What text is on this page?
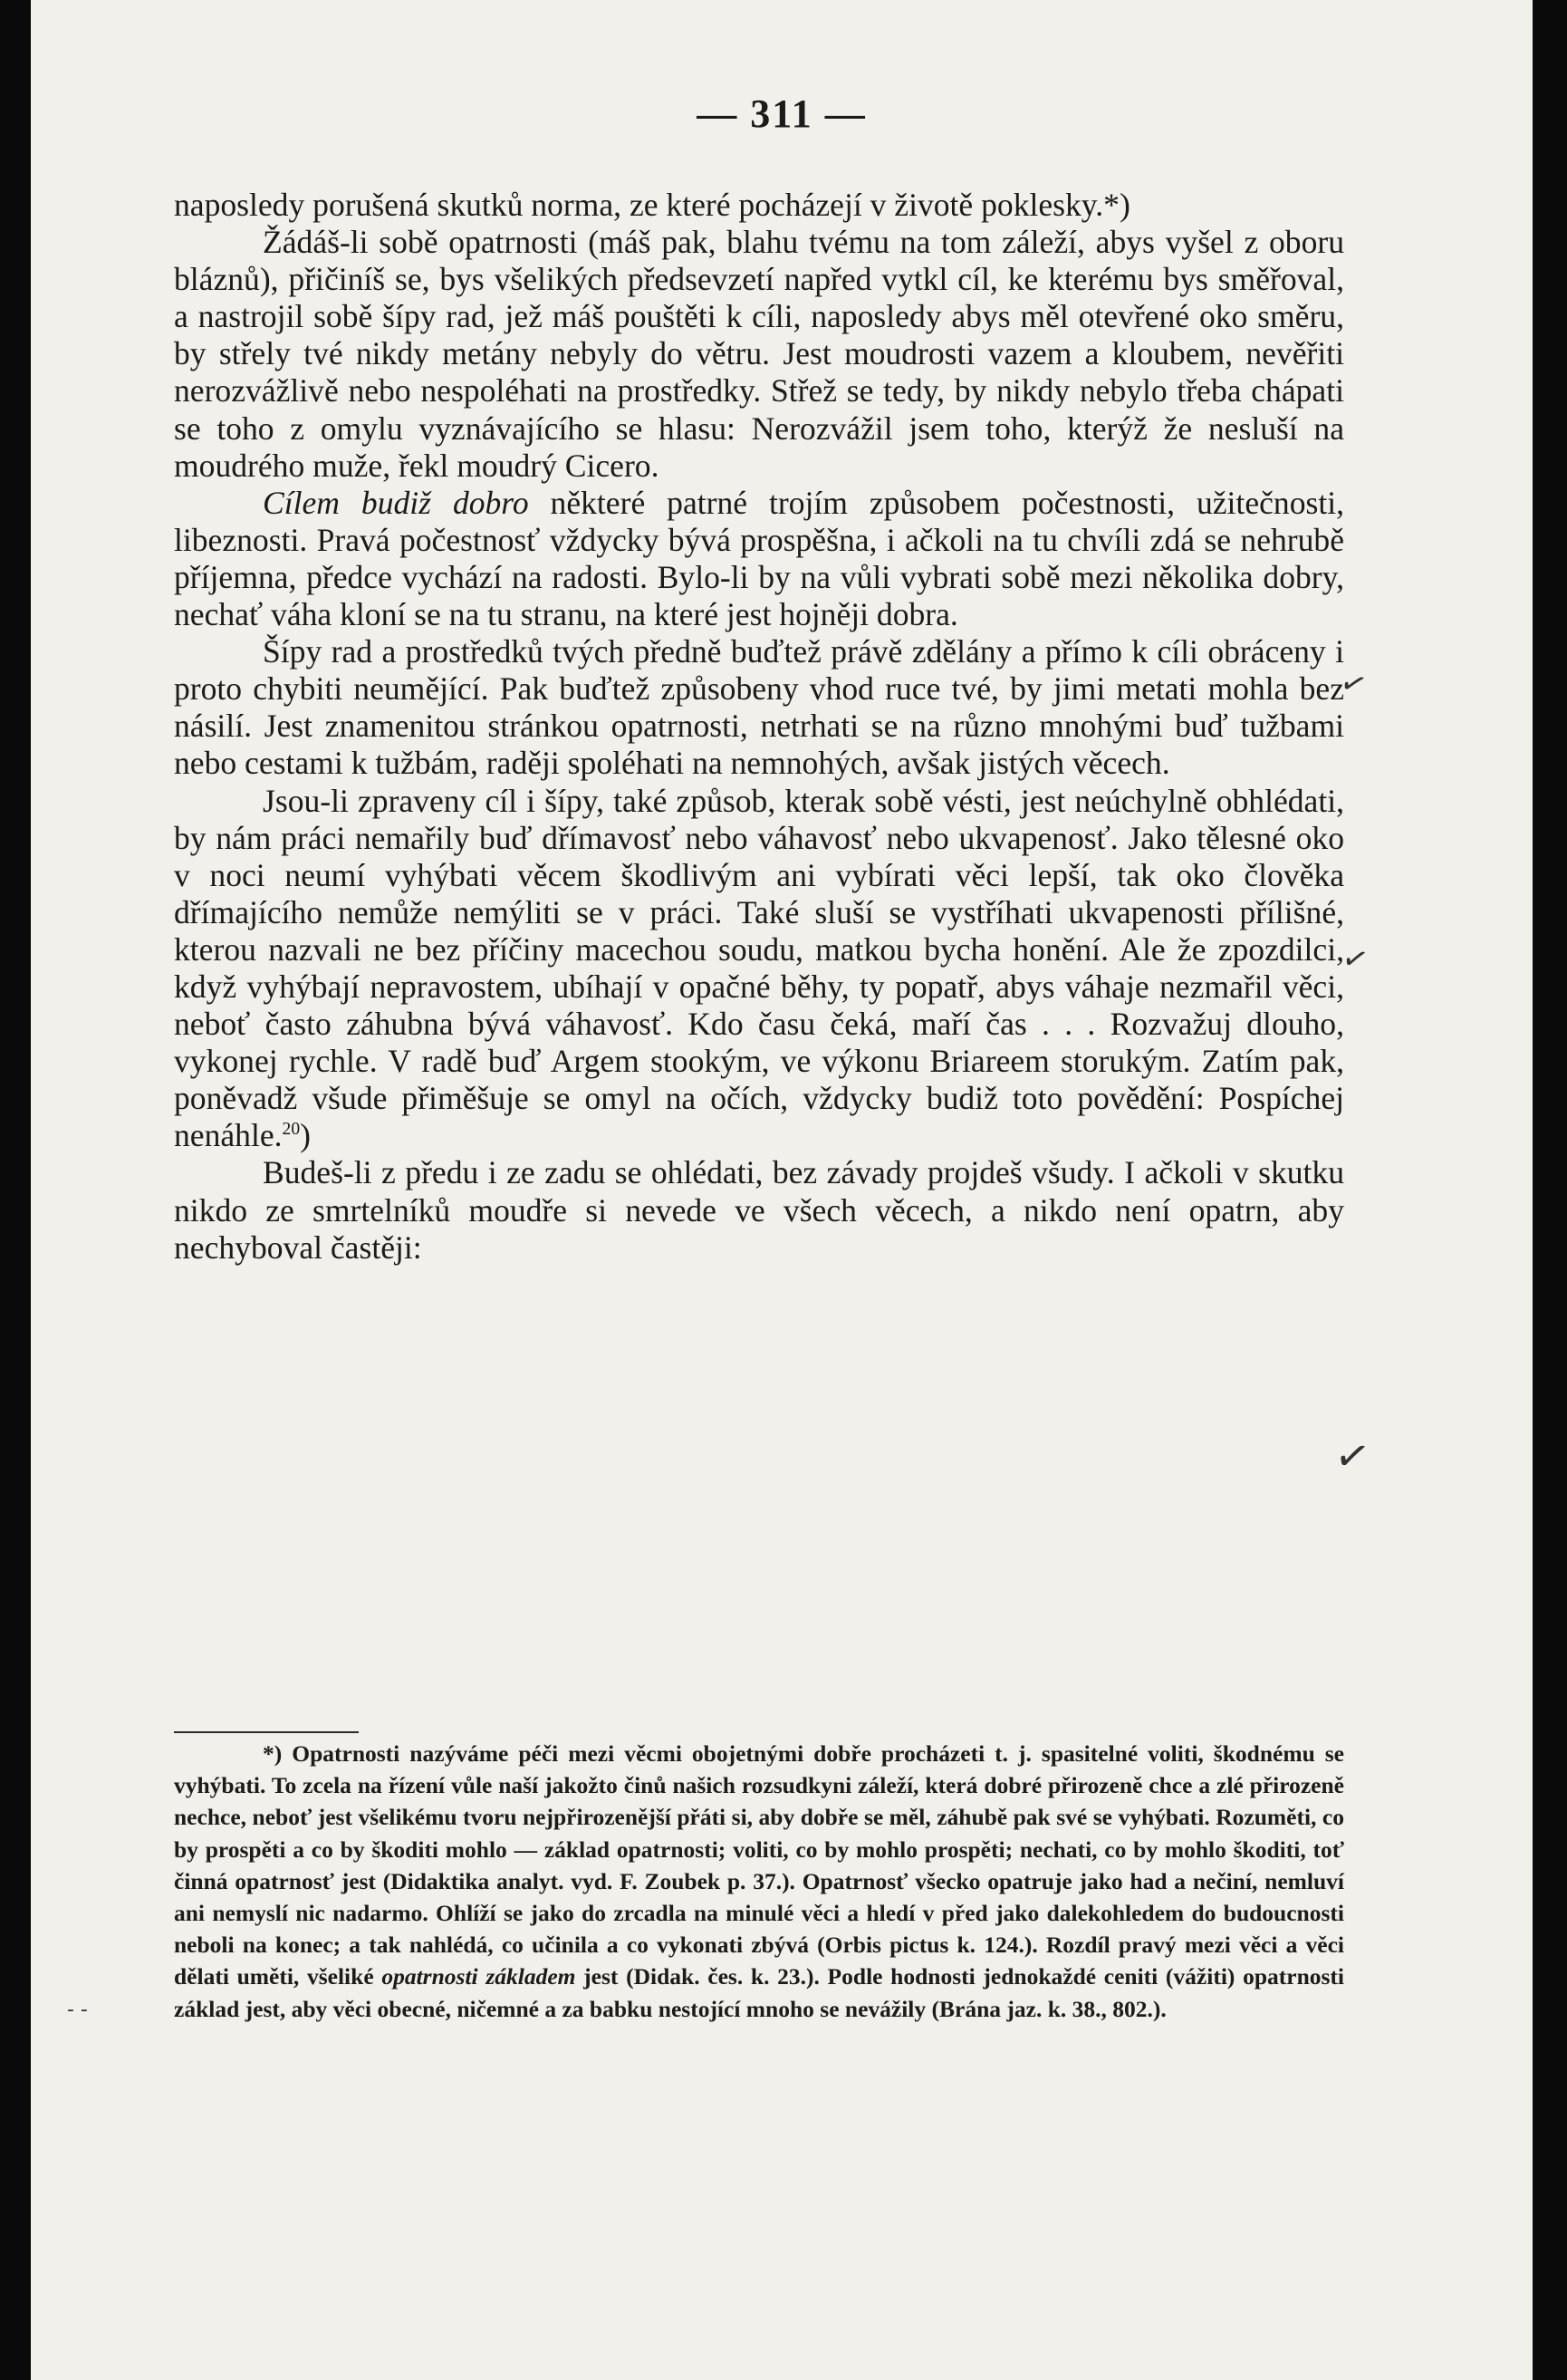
— 311 —

naposledy porušená skutků norma, ze které pocházejí v životě poklesky.*)

Žádáš-li sobě opatrnosti (máš pak, blahu tvému na tom záleží, abys vyšel z oboru bláznů), přičiníš se, bys všelikých předsevzetí napřed vytkl cíl, ke kterému bys směřoval, a nastrojil sobě šípy rad, jež máš pouštěti k cíli, naposledy abys měl otevřené oko směru, by střely tvé nikdy metány nebyly do větru. Jest moudrosti vazem a kloubem, nevěřiti nerozvážlivě nebo nespoléhati na prostředky. Střež se tedy, by nikdy nebylo třeba chápati se toho z omylu vyznávajícího se hlasu: Nerozvážil jsem toho, kterýž že nesluší na moudrého muže, řekl moudrý Cicero.

Cílem budiž dobro některé patrné trojím způsobem počestnosti, užitečnosti, libeznosti. Pravá počestnosť vždycky bývá prospěšna, i ačkoli na tu chvíli zdá se nehrubě příjemna, předce vychází na radosti. Bylo-li by na vůli vybrati sobě mezi několika dobry, nechať váha kloní se na tu stranu, na které jest hojněji dobra.

Šípy rad a prostředků tvých předně buďtež právě zdělány a přímo k cíli obráceny i proto chybiti neumějící. Pak buďtež způsobeny vhod ruce tvé, by jimi metati mohla bez násilí. Jest znamenitou stránkou opatrnosti, netrhati se na různo mnohými buď tužbami nebo cestami k tužbám, raději spoléhati na nemnohých, avšak jistých věcech.

Jsou-li zpraveny cíl i šípy, také způsob, kterak sobě vésti, jest neúchylně obhlédati, by nám práci nemařily buď dřímavosť nebo váhavosť nebo ukvapenosť. Jako tělesné oko v noci neumí vyhýbati věcem škodlivým ani vybírati věci lepší, tak oko člověka dřímajícího nemůže nemýliti se v práci. Také sluší se vystříhati ukvapenosti přílišné, kterou nazvali ne bez příčiny macechou soudu, matkou bycha honění. Ale že zpozdilci, když vyhýbají nepravostem, ubíhají v opačné běhy, ty popatř, abys váhaje nezmařil věci, neboť často záhubna bývá váhavosť. Kdo času čeká, maří čas . . . Rozvažuj dlouho, vykonej rychle. V radě buď Argem stookým, ve výkonu Briareem storukým. Zatím pak, poněvadž všude přiměšuje se omyl na očích, vždycky budiž toto povědění: Pospíchej nenáhle.$^{20}$)

Budeš-li z předu i ze zadu se ohlédati, bez závady projdeš všudy. I ačkoli v skutku nikdo ze smrtelníků moudře si nevede ve všech věcech, a nikdo není opatrn, aby nechyboval častěji:

*) Opatrnosti nazýváme péči mezi věcmi obojetnými dobře procházeti t. j. spasitelné voliti, škodnému se vyhýbati. To zcela na řízení vůle naší jakožto činů našich rozsudkyni záleží, která dobré přirozeně chce a zlé přirozeně nechce, neboť jest všelikému tvoru nejpřirozenější přáti si, aby dobře se měl, záhubě pak své se vyhýbati. Rozuměti, co by prospěti a co by škoditi mohlo — základ opatrnosti; voliti, co by mohlo prospěti; nechati, co by mohlo škoditi, toť činná opatrnosť jest (Didaktika analyt. vyd. F. Zoubek p. 37.). Opatrnosť všecko opatruje jako had a nečiní, nemluví ani nemyslí nic nadarmo. Ohlíží se jako do zrcadla na minulé věci a hledí v před jako dalekohledem do budoucnosti neboli na konec; a tak nahlédá, co učinila a co vykonati zbývá (Orbis pictus k. 124.). Rozdíl pravý mezi věci a věci dělati uměti, všeliké opatrnosti základem jest (Didak. čes. k. 23.). Podle hodnosti jednokaždé ceniti (vážiti) opatrnosti základ jest, aby věci obecné, ničemné a za babku nestojící mnoho se nevážily (Brána jaz. k. 38., 802.).
✓
✓
✓
- -
